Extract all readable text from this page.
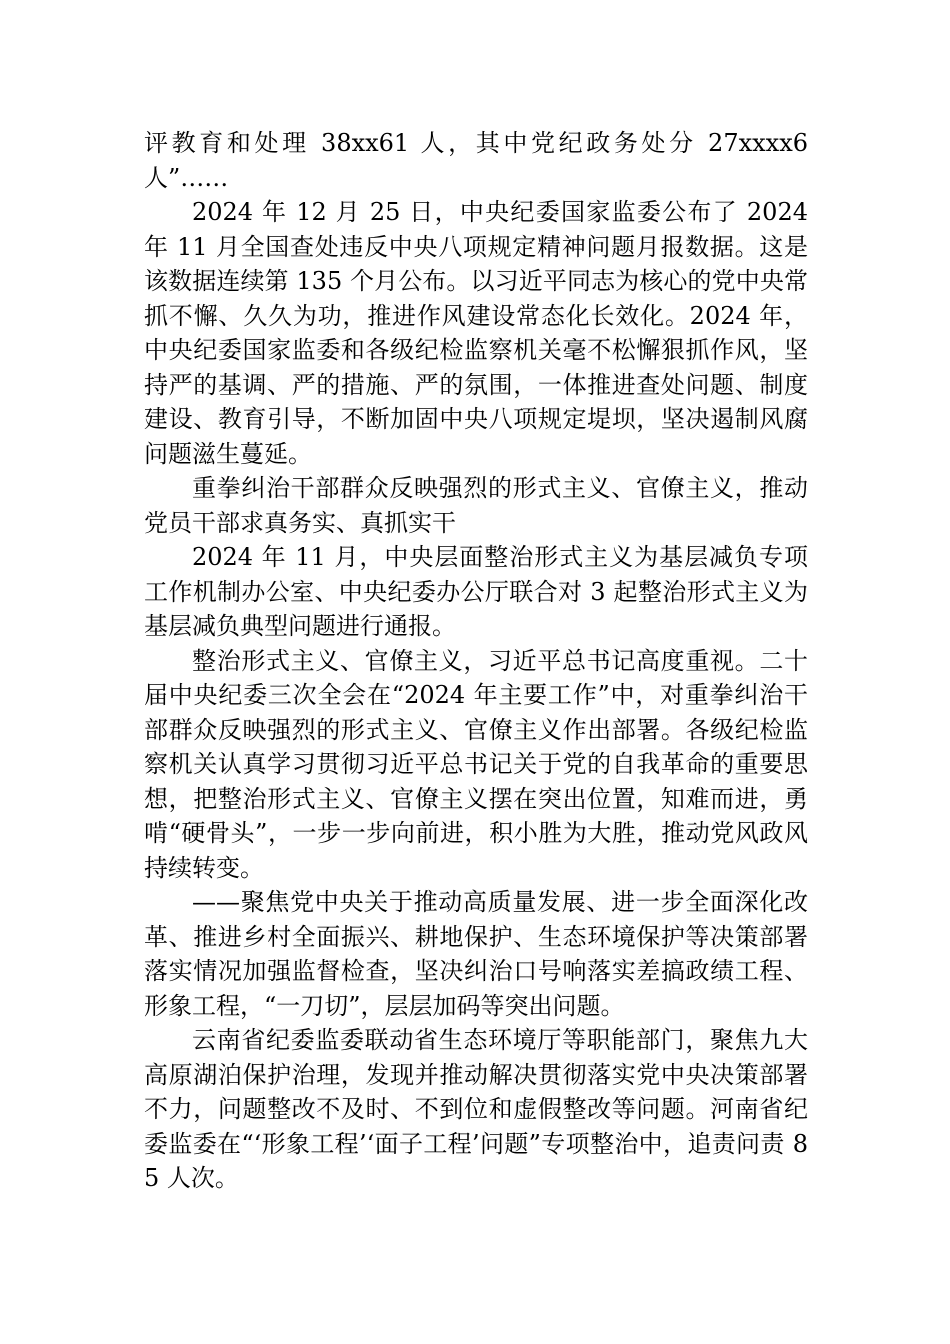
评教育和处理 38xx61 人，其中党纪政务处分 27xxxx6 人”……

2024 年 12 月 25 日，中央纪委国家监委公布了 2024 年 11 月全国查处违反中央八项规定精神问题月报数据。这是该数据连续第 135 个月公布。以习近平同志为核心的党中央常抓不懈、久久为功，推进作风建设常态化长效化。2024 年，中央纪委国家监委和各级纪检监察机关毫不松懈狠抓作风，坚持严的基调、严的措施、严的氛围，一体推进查处问题、制度建设、教育引导，不断加固中央八项规定堤坝，坚决遏制风腐问题滋生蔓延。

重拳纠治干部群众反映强烈的形式主义、官僚主义，推动党员干部求真务实、真抓实干

2024 年 11 月，中央层面整治形式主义为基层减负专项工作机制办公室、中央纪委办公厅联合对 3 起整治形式主义为基层减负典型问题进行通报。

整治形式主义、官僚主义，习近平总书记高度重视。二十届中央纪委三次全会在“2024 年主要工作”中，对重拳纠治干部群众反映强烈的形式主义、官僚主义作出部署。各级纪检监察机关认真学习贯彻习近平总书记关于党的自我革命的重要思想，把整治形式主义、官僚主义摆在突出位置，知难而进，勇啃“硬骨头”，一步一步向前进，积小胜为大胜，推动党风政风持续转变。

——聚焦党中央关于推动高质量发展、进一步全面深化改革、推进乡村全面振兴、耕地保护、生态环境保护等决策部署落实情况加强监督检查，坚决纠治口号响落实差搞政绩工程、形象工程，“一刀切”，层层加码等突出问题。

云南省纪委监委联动省生态环境厅等职能部门，聚焦九大高原湖泊保护治理，发现并推动解决贯彻落实党中央决策部署不力，问题整改不及时、不到位和虚假整改等问题。河南省纪委监委在“‘形象工程’‘面子工程’问题”专项整治中，追责问责 85 人次。
